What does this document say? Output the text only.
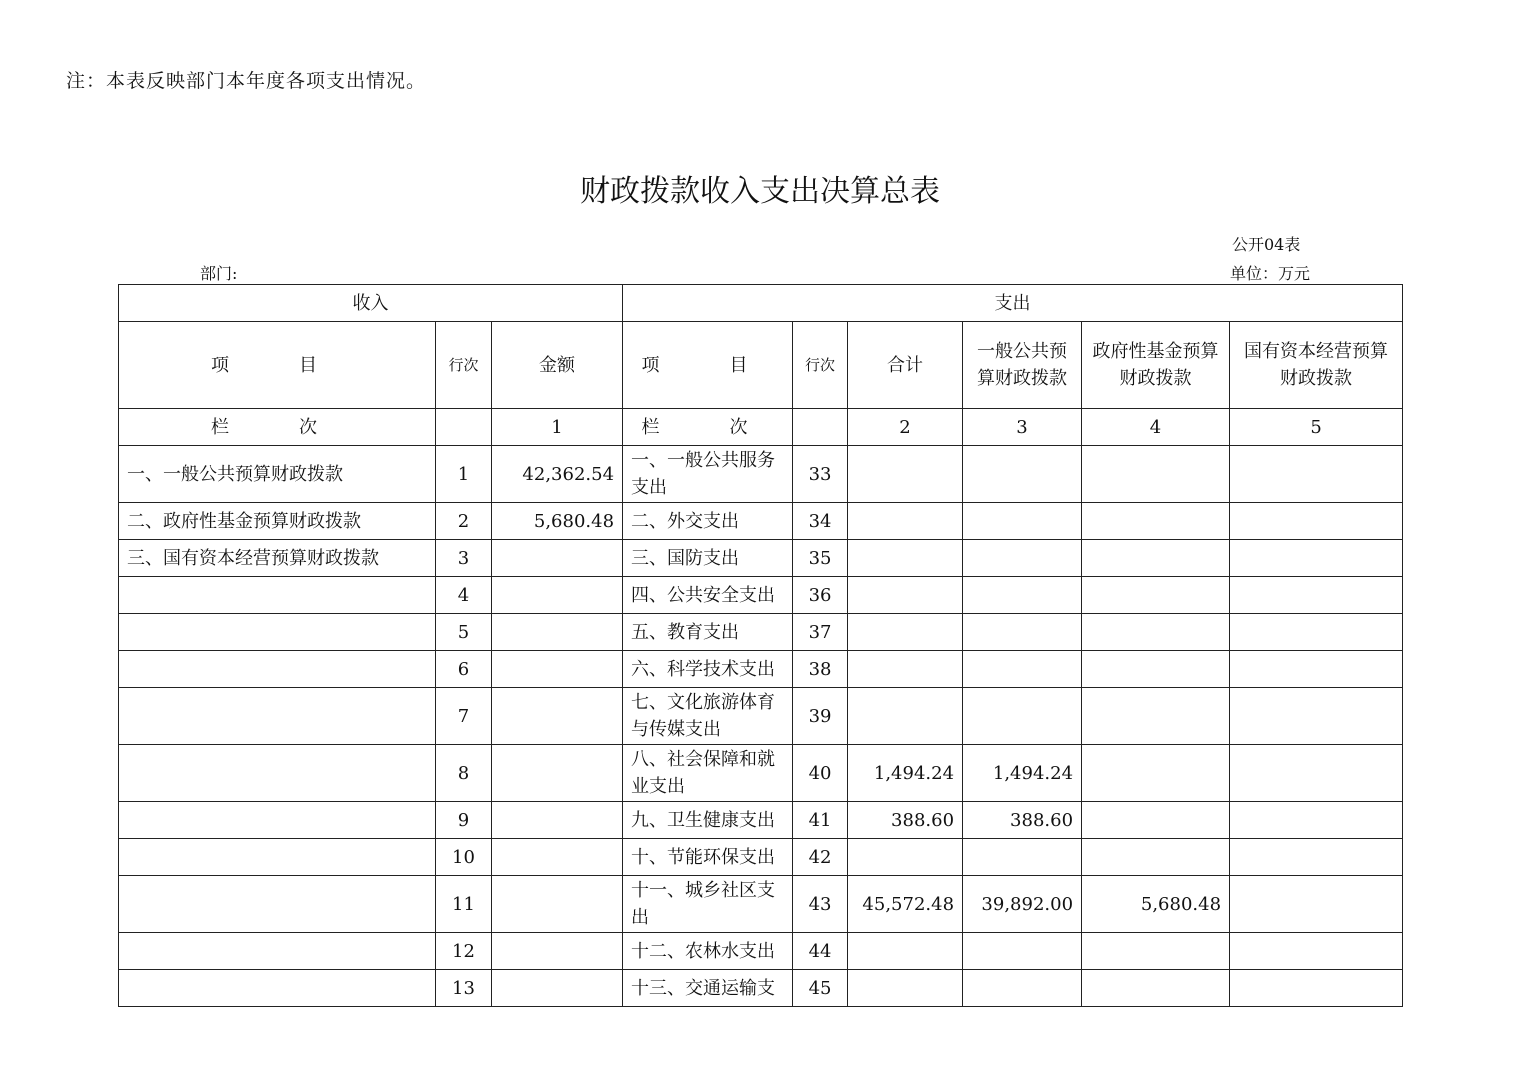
注：本表反映部门本年度各项支出情况。
财政拨款收入支出决算总表
公开04表
部门:	单位：万元
收入			支出					
项　目	行次	金额	项　目	行次	合计	一般公共预算财政拨款	政府性基金预算财政拨款	国有资本经营预算财政拨款
栏　次		1	栏　次		2	3	4	5
一、一般公共预算财政拨款	1	42,362.54	一、一般公共服务支出	33				
二、政府性基金预算财政拨款	2	5,680.48	二、外交支出	34				
三、国有资本经营预算财政拨款	3		三、国防支出	35				
	4		四、公共安全支出	36				
	5		五、教育支出	37				
	6		六、科学技术支出	38				
	7		七、文化旅游体育与传媒支出	39				
	8		八、社会保障和就业支出	40	1,494.24	1,494.24		
	9		九、卫生健康支出	41	388.60	388.60		
	10		十、节能环保支出	42				
	11		十一、城乡社区支出	43	45,572.48	39,892.00	5,680.48	
	12		十二、农林水支出	44				
	13		十三、交通运输支	45				
